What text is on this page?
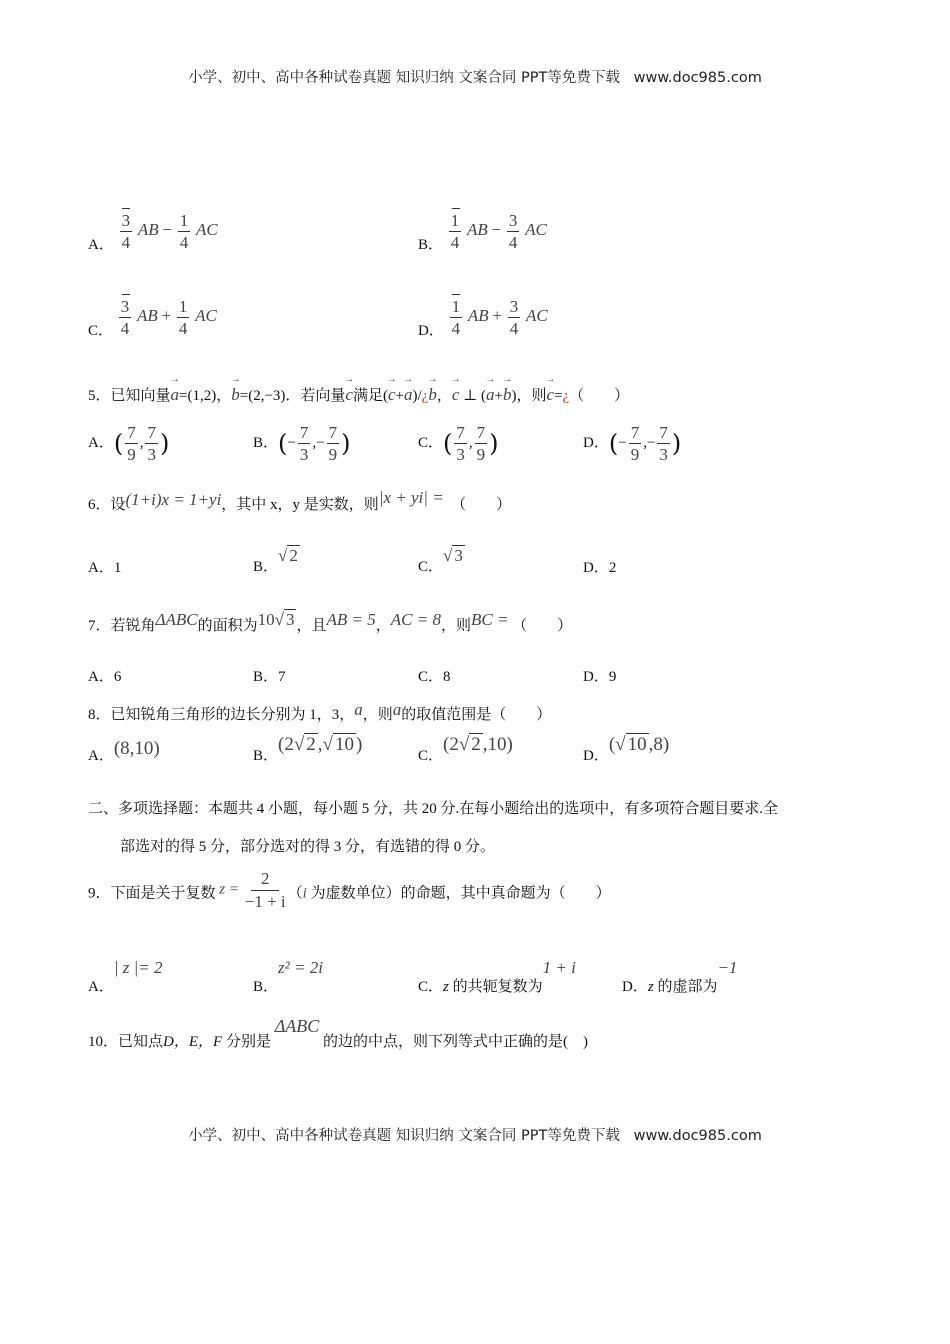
小学、初中、高中各种试卷真题 知识归纳 文案合同 PPT等免费下载 www.doc985.com
A． $\frac{3}{4}$ AB − $\frac{1}{4}$ AC
B． $\frac{1}{4}$ AB − $\frac{3}{4}$ AC
C． $\frac{3}{4}$ AB + $\frac{1}{4}$ AC
D． $\frac{1}{4}$ AB + $\frac{3}{4}$ AC
5．已知向量→ a=(1,2)，→ b=(2,−3)．若向量→ c满足(→ c+→ a)/¿→ b，→ c ⊥ (→ a+→ b)，则→ c=¿（　　）
A．( $\frac{7}{9}$ , $\frac{7}{3}$ )	B．(− $\frac{7}{3}$ ,− $\frac{7}{9}$ )	C．( $\frac{7}{3}$ , $\frac{7}{9}$ )	D．(− $\frac{7}{9}$ ,− $\frac{7}{3}$ )
6．设(1+i)x = 1+yi，其中 x，y 是实数，则|x + yi| = （　　）
A．1	B．√ 2
C．√ 3
D．2
7．若锐角ΔABC的面积为10√ 3 ，且AB = 5，AC = 8，则BC = （　　）
A．6	B．7	C．8	D．9
8．已知锐角三角形的边长分别为 1，3，a，则a的取值范围是（　　）
A．(8,10)	B．(2√ 2 ,√ 10 )
C．(2√ 2 ,10)
D．(√ 10 ,8)
二、多项选择题：本题共 4 小题，每小题 5 分，共 20 分.在每小题给出的选项中，有多项符合题目要求.全
部选对的得 5 分，部分选对的得 3 分，有选错的得 0 分。
9．下面是关于复数 $z = \frac{2}{-1 + i} (i$ 为虚数单位）的命题，其中真命题为（　　）
A．| z |= 2
B．z² = 2i
C．z 的共轭复数为1 + i
D．z 的虚部为−1
10．已知点D，E，F 分别是 ΔABC 的边的中点，则下列等式中正确的是(　)
小学、初中、高中各种试卷真题 知识归纳 文案合同 PPT等免费下载 www.doc985.com
